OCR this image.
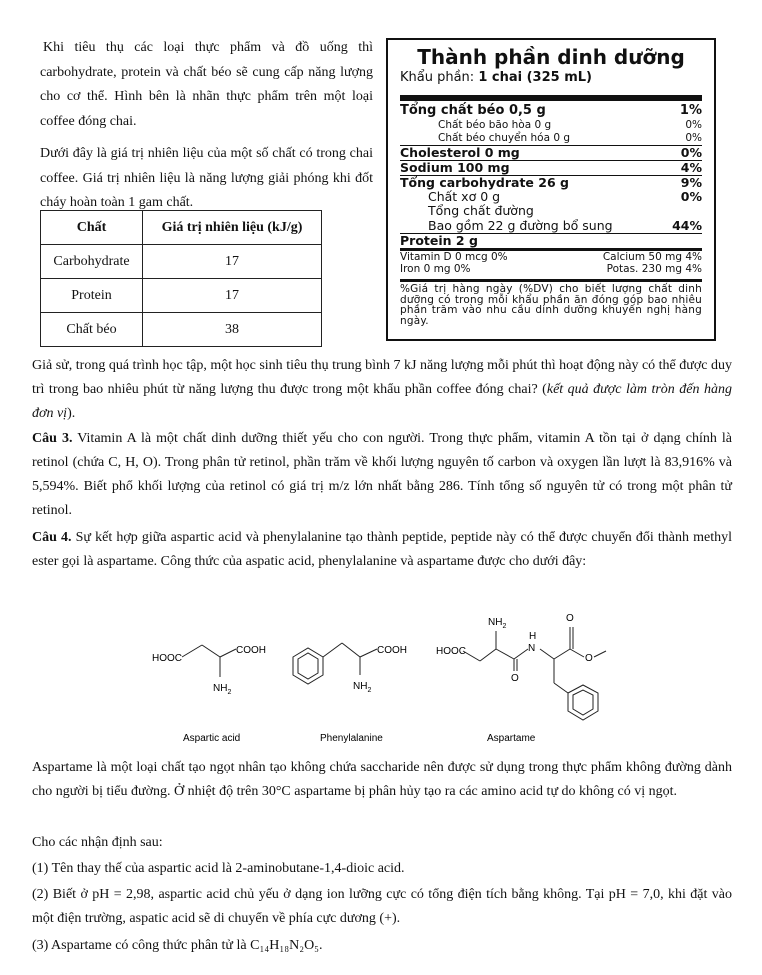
Khi tiêu thụ các loại thực phẩm và đồ uống thì carbohydrate, protein và chất béo sẽ cung cấp năng lượng cho cơ thể. Hình bên là nhãn thực phẩm trên một loại coffee đóng chai.

Dưới đây là giá trị nhiên liệu của một số chất có trong chai coffee. Giá trị nhiên liệu là năng lượng giải phóng khi đốt cháy hoàn toàn 1 gam chất.

Chất	Giá trị nhiên liệu (kJ/g)
Carbohydrate	17
Protein	17
Chất béo	38
Thành phần dinh dưỡng
Khẩu phần: 1 chai (325 mL)
Tổng chất béo 0,5 g	1%
Chất béo bão hòa 0 g	0%
Chất béo chuyển hóa 0 g	0%
Cholesterol 0 mg	0%
Sodium 100 mg	4%
Tổng carbohydrate 26 g	9%
Chất xơ 0 g	0%
Tổng chất đường
Bao gồm 22 g đường bổ sung	44%
Protein 2 g
Vitamin D 0 mcg 0%	Calcium 50 mg 4%
Iron 0 mg 0%	Potas. 230 mg 4%
%Giá trị hàng ngày (%DV) cho biết lượng chất dinh dưỡng có trong mỗi khẩu phần ăn đóng góp bao nhiêu phần trăm vào nhu cầu dinh dưỡng khuyến nghị hàng ngày.
Giả sử, trong quá trình học tập, một học sinh tiêu thụ trung bình 7 kJ năng lượng mỗi phút thì hoạt động này có thể được duy trì trong bao nhiêu phút từ năng lượng thu được trong một khẩu phần coffee đóng chai? (kết quả được làm tròn đến hàng đơn vị).
Câu 3. Vitamin A là một chất dinh dưỡng thiết yếu cho con người. Trong thực phẩm, vitamin A tồn tại ở dạng chính là retinol (chứa C, H, O). Trong phân tử retinol, phần trăm về khối lượng nguyên tố carbon và oxygen lần lượt là 83,916% và 5,594%. Biết phổ khối lượng của retinol có giá trị m/z lớn nhất bằng 286. Tính tổng số nguyên tử có trong một phân tử retinol.
Câu 4. Sự kết hợp giữa aspartic acid và phenylalanine tạo thành peptide, peptide này có thể được chuyển đổi thành methyl ester gọi là aspartame. Công thức của aspatic acid, phenylalanine và aspartame được cho dưới đây:
HOOC
COOH
$NH_2$
Aspartic acid
COOH
$NH_2$
Phenylalanine
$NH_2$
HOOC
H
N
O
O
O
Aspartame
Aspartame là một loại chất tạo ngọt nhân tạo không chứa saccharide nên được sử dụng trong thực phẩm không đường dành cho người bị tiểu đường. Ở nhiệt độ trên 30°C aspartame bị phân hủy tạo ra các amino acid tự do không có vị ngọt.
Cho các nhận định sau:
(1) Tên thay thế của aspartic acid là 2-aminobutane-1,4-dioic acid.
(2) Biết ở pH = 2,98, aspartic acid chủ yếu ở dạng ion lưỡng cực có tổng điện tích bằng không. Tại pH = 7,0, khi đặt vào một điện trường, aspatic acid sẽ di chuyển về phía cực dương (+).
(3) Aspartame có công thức phân tử là C₁₄H₁₈N₂O₅.
